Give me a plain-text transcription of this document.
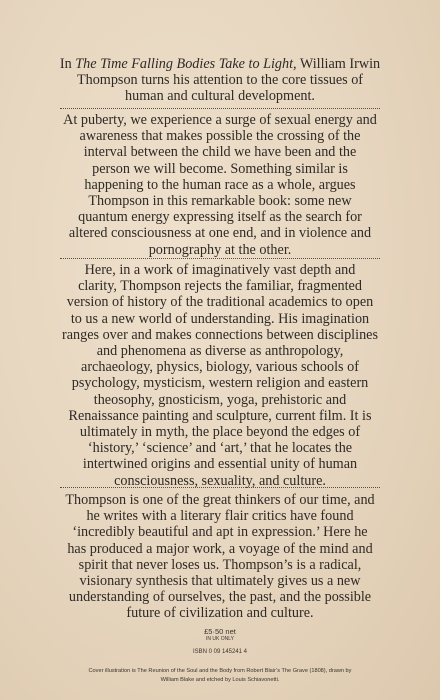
In The Time Falling Bodies Take to Light, William Irwin
Thompson turns his attention to the core tissues of
human and cultural development.

At puberty, we experience a surge of sexual energy and
awareness that makes possible the crossing of the
interval between the child we have been and the
person we will become. Something similar is
happening to the human race as a whole, argues
Thompson in this remarkable book: some new
quantum energy expressing itself as the search for
altered consciousness at one end, and in violence and
pornography at the other.

Here, in a work of imaginatively vast depth and
clarity, Thompson rejects the familiar, fragmented
version of history of the traditional academics to open
to us a new world of understanding. His imagination
ranges over and makes connections between disciplines
and phenomena as diverse as anthropology,
archaeology, physics, biology, various schools of
psychology, mysticism, western religion and eastern
theosophy, gnosticism, yoga, prehistoric and
Renaissance painting and sculpture, current film. It is
ultimately in myth, the place beyond the edges of
‘history,’ ‘science’ and ‘art,’ that he locates the
intertwined origins and essential unity of human
consciousness, sexuality, and culture.

Thompson is one of the great thinkers of our time, and
he writes with a literary flair critics have found
‘incredibly beautiful and apt in expression.’ Here he
has produced a major work, a voyage of the mind and
spirit that never loses us. Thompson’s is a radical,
visionary synthesis that ultimately gives us a new
understanding of ourselves, the past, and the possible
future of civilization and culture.

£5·50 net
IN UK ONLY
ISBN 0 09 145241 4
Cover illustration is The Reunion of the Soul and the Body from Robert Blair’s The Grave (1808), drawn by
William Blake and etched by Louis Schiavonetti.
